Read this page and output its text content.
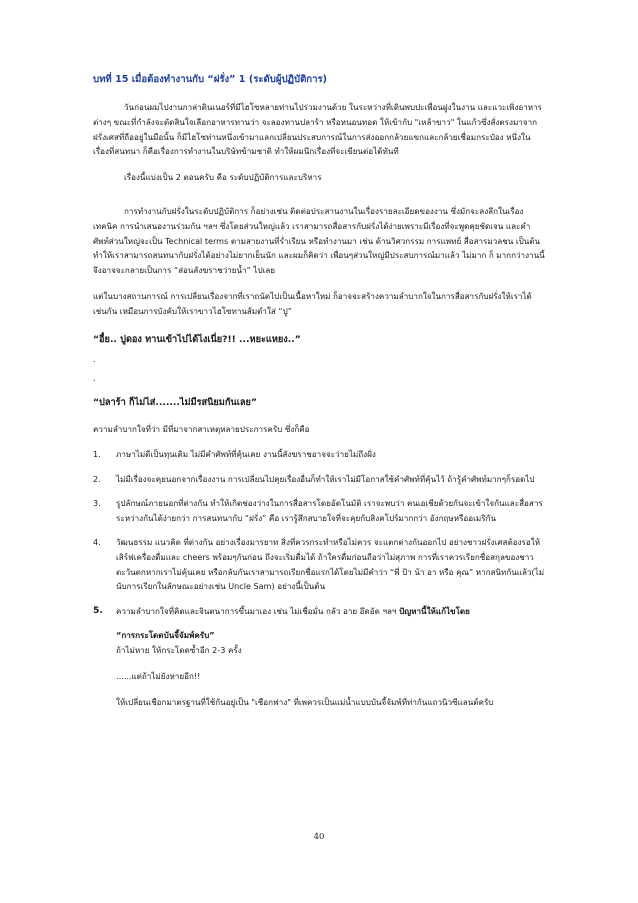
บทที่ 15 เมื่อต้องทำงานกับ “ฝรั่ง” 1 (ระดับผู้ปฏิบัติการ)

วันก่อนผมไปงานกาล่าดินเนอร์ที่มีไฮโซหลายท่านไปร่วมงานด้วย ในระหว่างที่เดินพบปะเพื่อนฝูงในงาน และแวะเพิ่งอาหารต่างๆ ขณะที่กำลังจะตัดสินใจเลือกอาหารทานว่า จะลองทานปลาร้า หรือหนอนทอด ให้เข้ากับ "เหล้าขาว" ในแก้วซึ่งสั่งตรงมาจากฝรั่งเศสที่ถืออยู่ในมือนั้น ก็มีไฮโซท่านหนึ่งเข้ามาแลกเปลี่ยนประสบการณ์ในการส่งออกกล้วยแขกและกล้วยเชื่อมกระป๋อง หนึ่งในเรื่องที่สนทนา ก็คือเรื่องการทำงานในบริษัทข้ามชาติ ทำให้ผมนึกเรื่องที่จะเขียนต่อได้ทันที

เรื่องนี้แบ่งเป็น 2 ตอนครับ คือ ระดับปฏิบัติการและบริหาร

การทำงานกับฝรั่งในระดับปฏิบัติการ ก็อย่างเช่น ติดต่อประสานงานในเรื่องรายละเอียดของงาน ซึ่งมักจะลงลึกในเรื่องเทคนิค การนำเสนองานร่วมกัน ฯลฯ ซึ่งโดยส่วนใหญ่แล้ว เราสามารถสื่อสารกับฝรั่งได้ง่ายเพราะมีเรื่องที่จะพูดคุยชัดเจน และคำศัพท์ส่วนใหญ่จะเป็น Technical terms ตามสายงานที่ร่ำเรียน หรือทำงานมา เช่น ด้านวิศวกรรม การแพทย์ สื่อสารมวลชน เป็นต้น ทำให้เราสามารถสนทนากับฝรั่งได้อย่างไม่ยากเย็นนัก และผมก็คิดว่า เพื่อนๆส่วนใหญ่มีประสบการณ์มาแล้ว ไม่มาก ก็ มากกว่างานนี้จึงอาจจะกลายเป็นการ “ส่อนสังฆราชว่ายน้ำ” ไปเลย

แต่ในบางสถานการณ์ การเปลี่ยนเรื่องจากที่เราถนัดไปเป็นเนื้อหาใหม่ ก็อาจจะสร้างความลำบากใจในการสื่อสารกับฝรั่งให้เราได้เช่นกัน เหมือนการบังคับให้เราขาวไฮโซทานส้มตำใส่ “ปู”

“อื๋ย.. ปูดอง ทานเข้าไปได้ไงเนี่ย?!! ...หยะแหยง..”

.

.

“ปลาร้า ก็ไม่ไส่.......ไม่มีรสนิยมกันเลย”

ความลำบากใจที่ว่า มีที่มาจากสาเหตุหลายประการครับ ซึ่งก็คือ

1. ภาษาไม่ดีเป็นทุนเดิม ไม่มีคำศัพท์ที่คุ้นเคย งานนี้สังฆราชอาจจะว่ายไม่ถึงฝั่ง
2. ไม่มีเรื่องจะคุยนอกจากเรื่องงาน การเปลี่ยนไปคุยเรื่องอื่นก็ทำให้เราไม่มีโอกาสใช้คำศัพท์ที่คุ้นไว้ ถ้ารู้คำศัพท์มากๆก็รอดไป
3. รูปลักษณ์ภายนอกที่ต่างกัน ทำให้เกิดช่องว่างในการสื่อสารโดยอัตโนมัติ เราจะพบว่า คนเอเชียด้วยกันจะเข้าใจกันและสื่อสารระหว่างกันได้ง่ายกว่า การสนทนากับ “ฝรั่ง” คือ เรารู้สึกสบายใจที่จะคุยกับสิงคโปร์มากกว่า อังกฤษหรืออเมริกัน
4. วัฒนธรรม แนวคิด ที่ต่างกัน อย่างเรื่องมารยาท สิ่งที่ควรกระทำหรือไม่ควร จะแตกต่างกันออกไป อย่างชาวฝรั่งเศสต้องรอให้เสิร์ฟเครื่องดื่มและ cheers พร้อมๆกันก่อน ถึงจะเริ่มดื่มได้ ถ้าใครดื่มก่อนถือว่าไม่สุภาพ การที่เราควรเรียกชื่อสกุลของชาวตะวันตกหากเราไม่คุ้นเคย หรือกลับกันเราสามารถเรียกชื่อแรกได้โดยไม่มีคำว่า “พี่ ป้า น้า อา หรือ คุณ” หากสนิทกันแล้ว(ไม่นับการเรียกในลักษณะอย่างเช่น Uncle Sam) อย่างนี้เป็นต้น
5. ความลำบากใจที่คิดและจินตนาการขึ้นมาเอง เช่น ไม่เชื่อมั่น กลัว อาย อึดอัด ฯลฯ ปัญหานี้ให้แก้ไขโดย

“การกระโดดบันจี้จัมพ์ครับ”

ถ้าไม่หาย ให้กระโดดซ้ำอีก 2-3 ครั้ง

......แต่ถ้าไม่ยังหายอีก!!

ให้เปลี่ยนเชือกมาตรฐานที่ใช้กันอยู่เป็น "เชือกฟาง" ที่เพควรเป็นแม่น้ำแบบบันจี้จัมพ์ที่ท่ากันแถวนิวซีแลนด์ครับ

40
